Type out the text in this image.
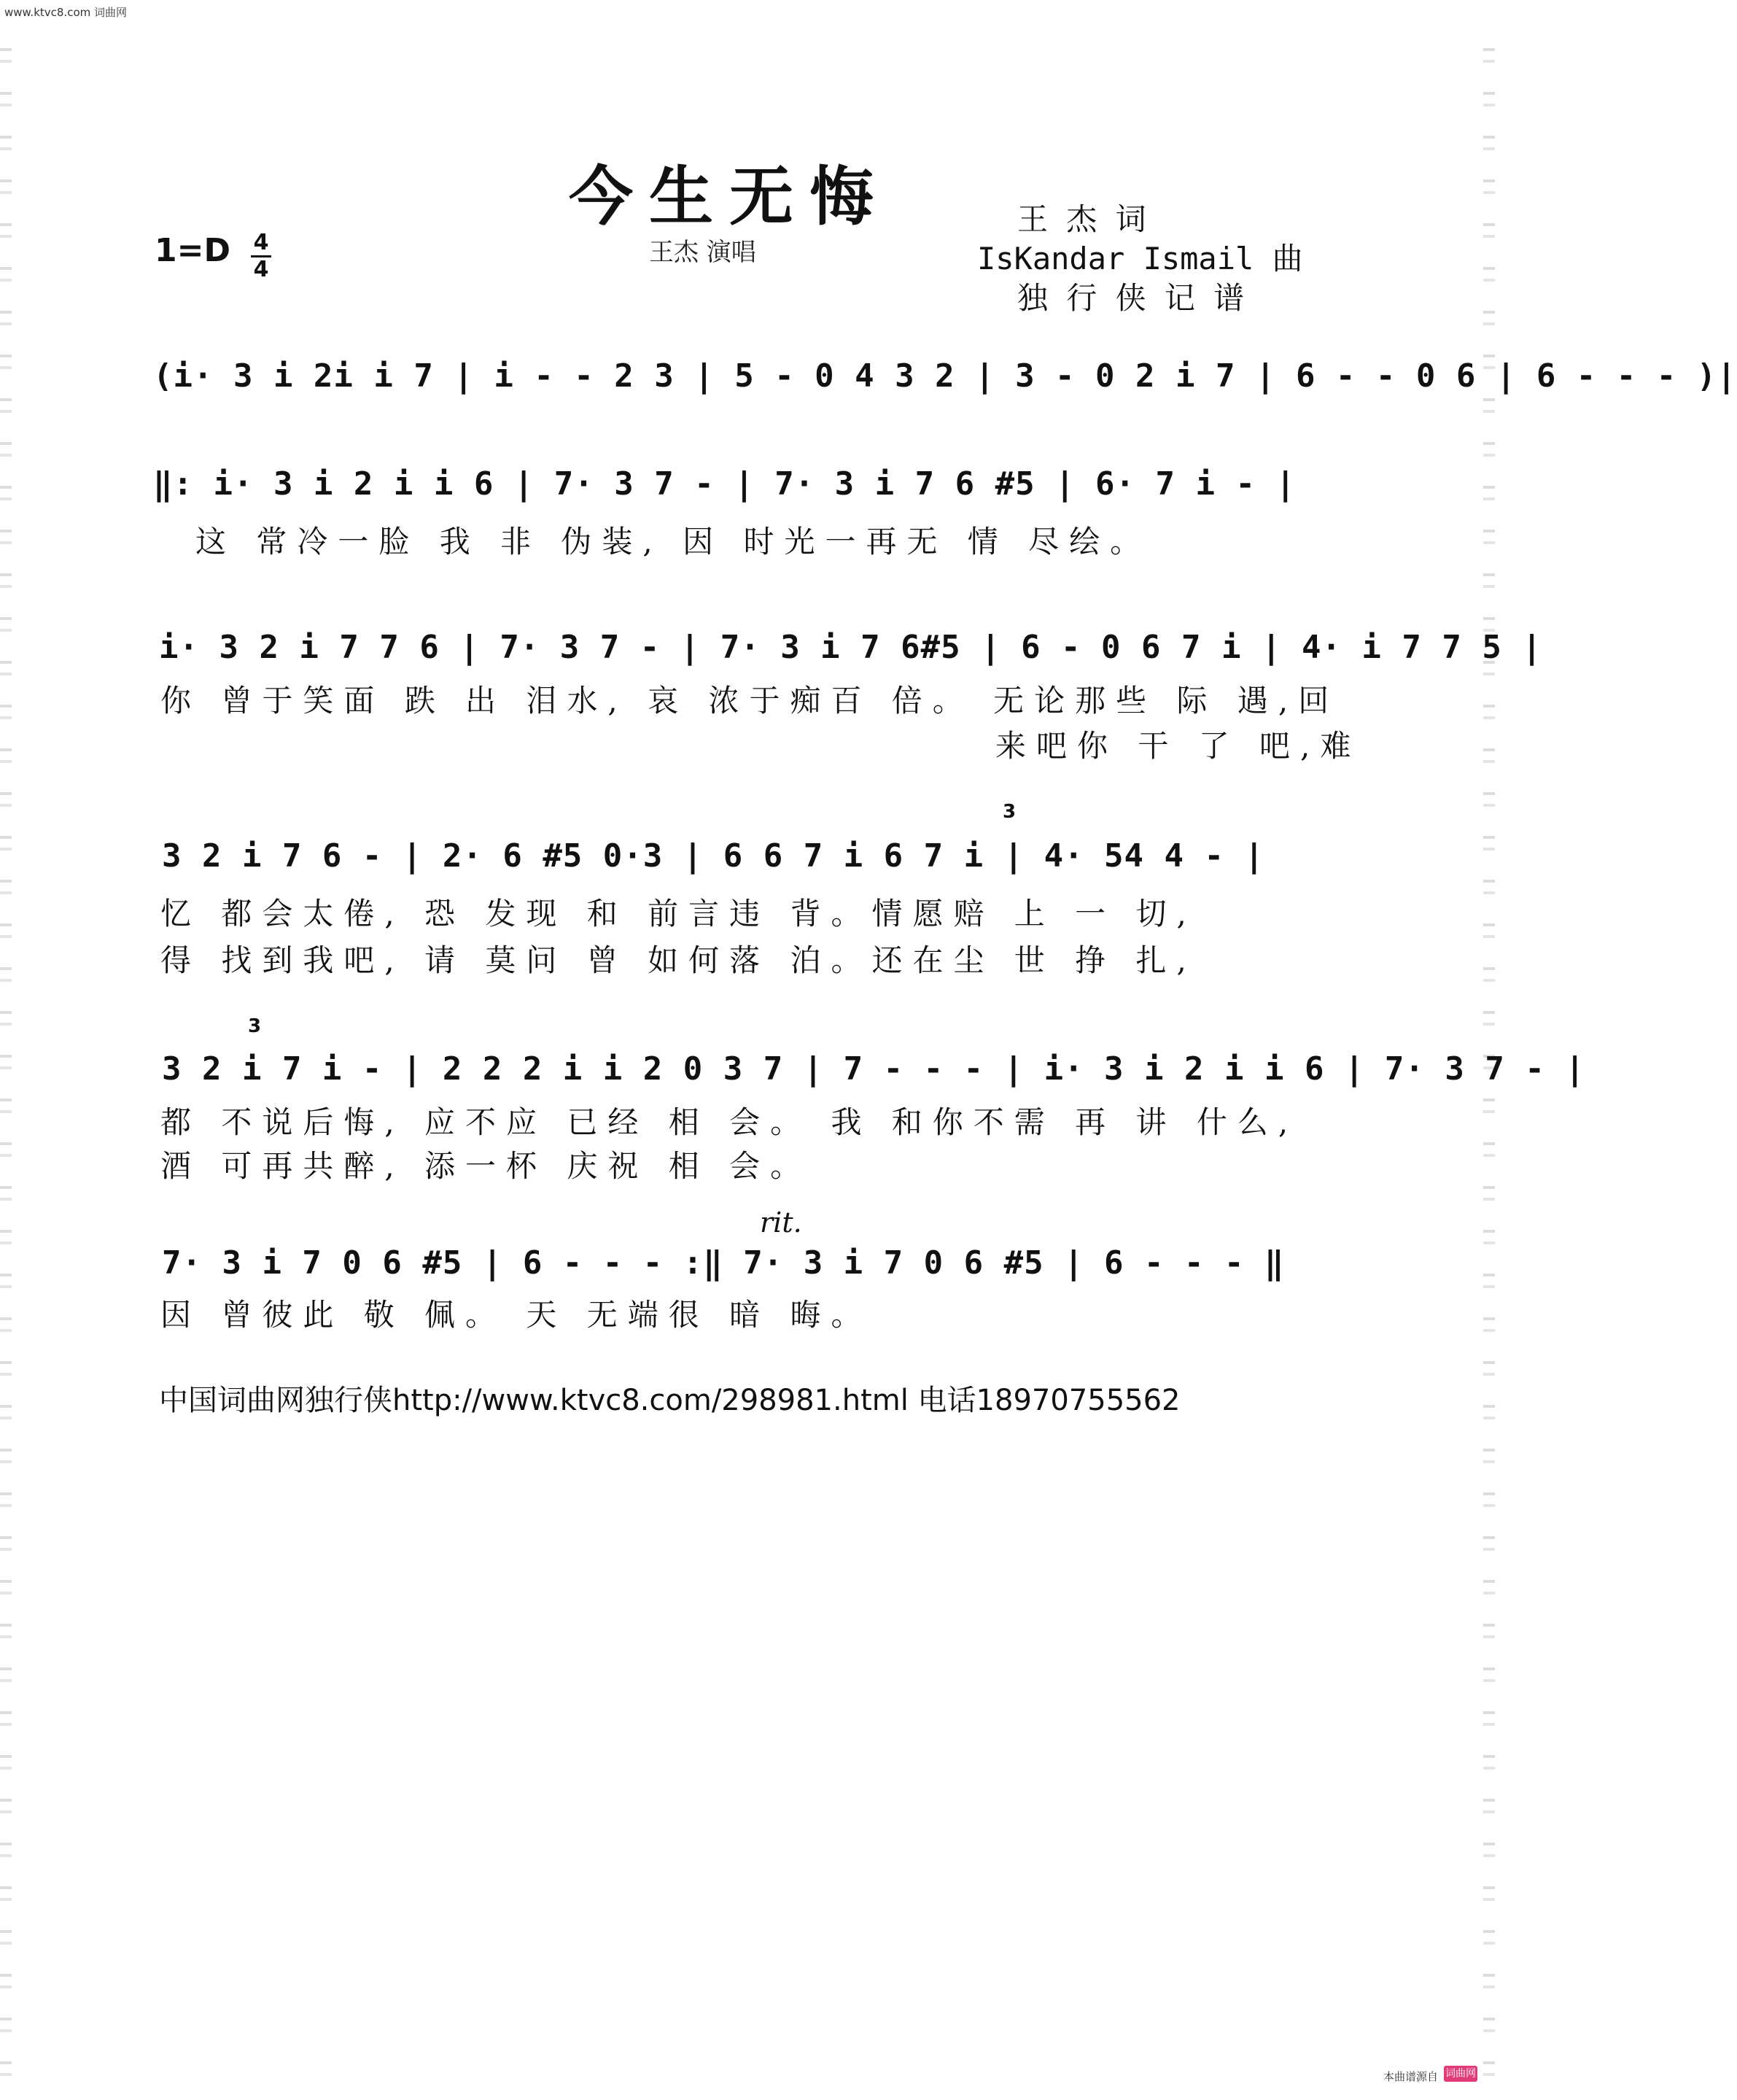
www.ktvc8.com 词曲网
今生无悔
王杰 演唱
1=D 4
4
王 杰 词
IsKandar Ismail 曲
独 行 侠 记 谱
(i· 3 i 2i i 7 | i - - 2 3 | 5 - 0 4 3 2 | 3 - 0 2 i 7 | 6 - - 0 6 | 6 - - - )|
‖: i· 3 i 2 i i 6 | 7· 3 7 - | 7· 3 i 7 6 #5 | 6· 7 i - |
这 常冷一脸 我 非 伪装, 因 时光一再无 情 尽绘。
i· 3 2 i 7 7 6 | 7· 3 7 - | 7· 3 i 7 6#5 | 6 - 0 6 7 i | 4· i 7 7 5 |
你 曾于笑面 跌 出 泪水, 哀 浓于痴百 倍。 无论那些 际 遇,回
来吧你 干 了 吧,难
3 2 i 7 6 - | 2· 6 #5 0·3 | 6 6 7 i 6 7 i | 4· 54 4 - |
3
忆 都会太倦, 恐 发现 和 前言违 背。情愿赔 上 一 切,
得 找到我吧, 请 莫问 曾 如何落 泊。还在尘 世 挣 扎,
3 2 i 7 i - | 2 2 2 i i 2 0 3 7 | 7 - - - | i· 3 i 2 i i 6 | 7· 3 7 - |
3
都 不说后悔, 应不应 已经 相 会。 我 和你不需 再 讲 什么,
酒 可再共醉, 添一杯 庆祝 相 会。
rit.
7· 3 i 7 0 6 #5 | 6 - - - :‖ 7· 3 i 7 0 6 #5 | 6 - - - ‖
因 曾彼此 敬 佩。 天 无端很 暗 晦。
中国词曲网独行侠http://www.ktvc8.com/298981.html 电话18970755562
本曲谱源自 词曲网
